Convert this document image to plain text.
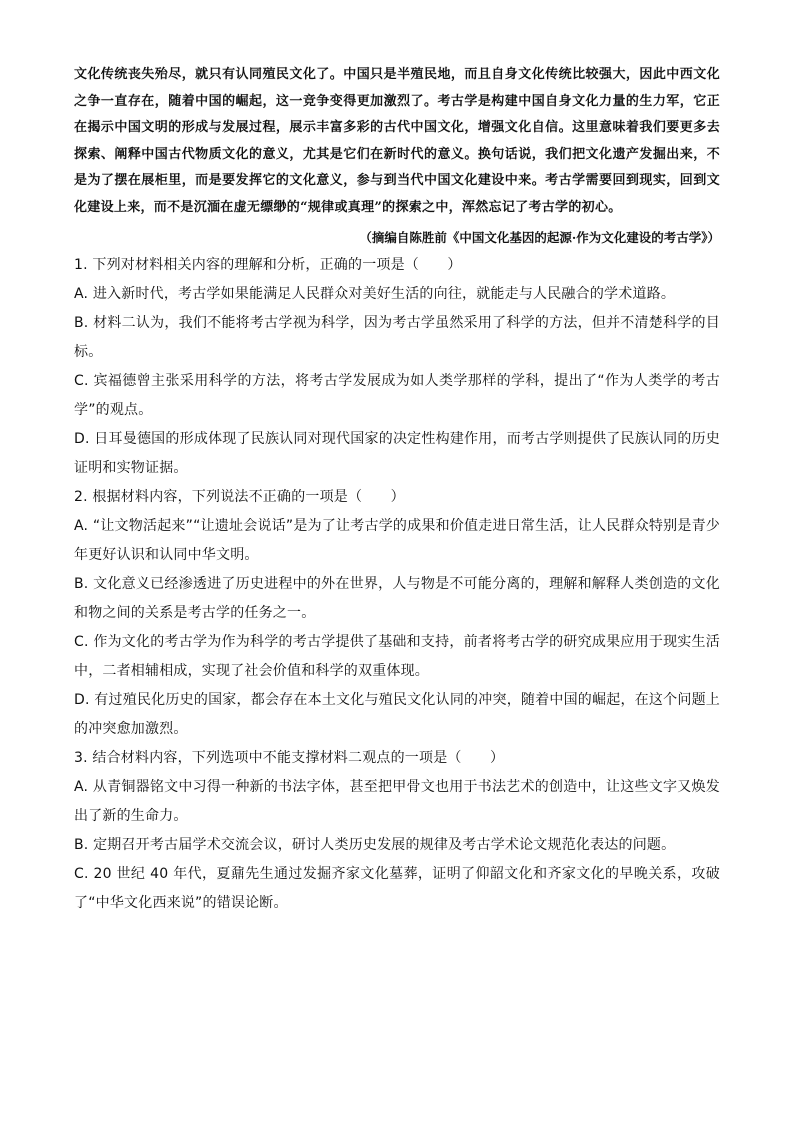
文化传统丧失殆尽，就只有认同殖民文化了。中国只是半殖民地，而且自身文化传统比较强大，因此中西文化之争一直存在，随着中国的崛起，这一竞争变得更加激烈了。考古学是构建中国自身文化力量的生力军，它正在揭示中国文明的形成与发展过程，展示丰富多彩的古代中国文化，增强文化自信。这里意味着我们要更多去探索、阐释中国古代物质文化的意义，尤其是它们在新时代的意义。换句话说，我们把文化遗产发掘出来，不是为了摆在展柜里，而是要发挥它的文化意义，参与到当代中国文化建设中来。考古学需要回到现实，回到文化建设上来，而不是沉湎在虚无缥缈的“规律或真理”的探索之中，浑然忘记了考古学的初心。

（摘编自陈胜前《中国文化基因的起源·作为文化建设的考古学》）

1. 下列对材料相关内容的理解和分析，正确的一项是（　　）

A. 进入新时代，考古学如果能满足人民群众对美好生活的向往，就能走与人民融合的学术道路。

B. 材料二认为，我们不能将考古学视为科学，因为考古学虽然采用了科学的方法，但并不清楚科学的目标。

C. 宾福德曾主张采用科学的方法，将考古学发展成为如人类学那样的学科，提出了“作为人类学的考古学”的观点。

D. 日耳曼德国的形成体现了民族认同对现代国家的决定性构建作用，而考古学则提供了民族认同的历史证明和实物证据。

2. 根据材料内容，下列说法不正确的一项是（　　）

A. “让文物活起来”“让遗址会说话”是为了让考古学的成果和价值走进日常生活，让人民群众特别是青少年更好认识和认同中华文明。

B. 文化意义已经渗透进了历史进程中的外在世界，人与物是不可能分离的，理解和解释人类创造的文化和物之间的关系是考古学的任务之一。

C. 作为文化的考古学为作为科学的考古学提供了基础和支持，前者将考古学的研究成果应用于现实生活中，二者相辅相成，实现了社会价值和科学的双重体现。

D. 有过殖民化历史的国家，都会存在本土文化与殖民文化认同的冲突，随着中国的崛起，在这个问题上的冲突愈加激烈。

3. 结合材料内容，下列选项中不能支撑材料二观点的一项是（　　）

A. 从青铜器铭文中习得一种新的书法字体，甚至把甲骨文也用于书法艺术的创造中，让这些文字又焕发出了新的生命力。

B. 定期召开考古届学术交流会议，研讨人类历史发展的规律及考古学术论文规范化表达的问题。

C. 20 世纪 40 年代，夏鼐先生通过发掘齐家文化墓葬，证明了仰韶文化和齐家文化的早晚关系，攻破了“中华文化西来说”的错误论断。
